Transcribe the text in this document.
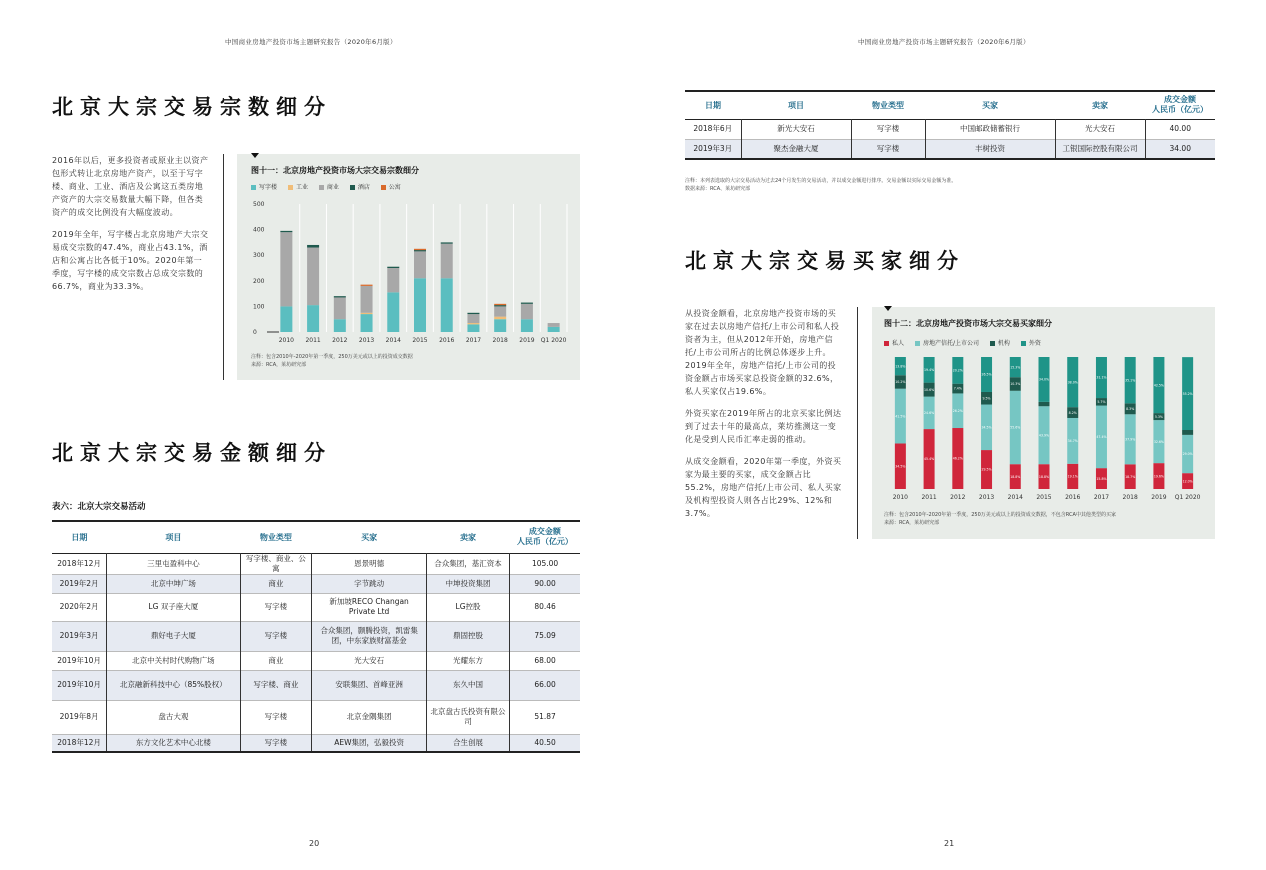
中国商业房地产投资市场主题研究报告（2020年6月版）
北京大宗交易宗数细分

2016年以后，更多投资者或原业主以资产包形式转让北京房地产资产，以至于写字楼、商业、工业、酒店及公寓这五类房地产资产的大宗交易数量大幅下降，但各类资产的成交比例没有大幅度波动。

2019年全年，写字楼占北京房地产大宗交易成交宗数的47.4%，商业占43.1%，酒店和公寓占比各低于10%。2020年第一季度，写字楼的成交宗数占总成交宗数的66.7%，商业为33.3%。

图十一：北京房地产投资市场大宗交易宗数细分
写字楼	工业	商业	酒店	公寓
0
100
200
300
400
500
2010 2011 2012 2013 2014 2015 2016 2017 2018 2019 Q1 2020
注释：包含2010年-2020年第一季度，250万美元或以上的投资成交数据
来源：RCA，莱坊研究部
北京大宗交易金额细分
表六：北京大宗交易活动
日期	项目	物业类型	买家	卖家	成交金额
人民币（亿元）
2018年12月	三里屯盈科中心	写字楼、商业、公寓	恩景明德	合众集团，基汇资本	105.00
2019年2月	北京中坤广场	商业	字节跳动	中坤投资集团	90.00
2020年2月	LG 双子座大厦	写字楼	新加坡RECO Changan Private Ltd	LG控股	80.46
2019年3月	鼎好电子大厦	写字楼	合众集团，颢腾投资，凯雷集团，中东家族财富基金	鼎固控股	75.09
2019年10月	北京中关村时代购物广场	商业	光大安石	光耀东方	68.00
2019年10月	北京融新科技中心（85%股权）	写字楼、商业	安联集团、首峰亚洲	东久中国	66.00
2019年8月	盘古大观	写字楼	北京金隅集团	北京盘古氏投资有限公司	51.87
2018年12月	东方文化艺术中心北楼	写字楼	AEW集团，弘毅投资	合生创展	40.50
20
中国商业房地产投资市场主题研究报告（2020年6月版）
日期	项目	物业类型	买家	卖家	成交金额
人民币（亿元）
2018年6月	新光大安石	写字楼	中国邮政储蓄银行	光大安石	40.00
2019年3月	聚杰金融大厦	写字楼	丰树投资	工银国际控股有限公司	34.00
注释：本列表选取的大宗交易活动为过去24个月发生的交易活动，并以成交金额进行排序。交易金额以实际交易金额为准。
数据来源：RCA、莱坊研究部
北京大宗交易买家细分

从投资金额看，北京房地产投资市场的买家在过去以房地产信托/上市公司和私人投资者为主，但从2012年开始，房地产信托/上市公司所占的比例总体逐步上升。2019年全年，房地产信托/上市公司的投资金额占市场买家总投资金额的32.6%，私人买家仅占19.6%。

外资买家在2019年所占的北京买家比例达到了过去十年的最高点，莱坊推测这一变化是受到人民币汇率走弱的推动。

从成交金额看，2020年第一季度，外资买家为最主要的买家，成交金额占比55.2%，房地产信托/上市公司、私人买家及机构型投资人则各占比29%、12%和3.7%。

图十二：北京房地产投资市场大宗交易买家细分
私人	房地产信托/上市公司	机构	外资
34.5%
41.5%
10.2%
13.8%
2010
45.4%
24.6%
10.6%
19.4%
2011
46.2%
26.2%
7.4%
20.2%
2012
29.5%
34.5%
9.5%
26.5%
2013
18.8%
55.6%
10.3%
15.3%
2014
18.8%
43.9%
34.0%
2015
19.1%
34.7%
8.2%
38.0%
2016
15.8%
47.4%
5.7%
31.1%
2017
18.7%
37.9%
8.3%
35.1%
2018
19.6%
32.6%
5.3%
42.5%
2019
12.0%
29.0%
55.2%
Q1 2020
注释：包含2010年-2020年第一季度，250万美元或以上的投资成交数据，不包含RCA中其他类型的买家
来源：RCA，莱坊研究部
21
